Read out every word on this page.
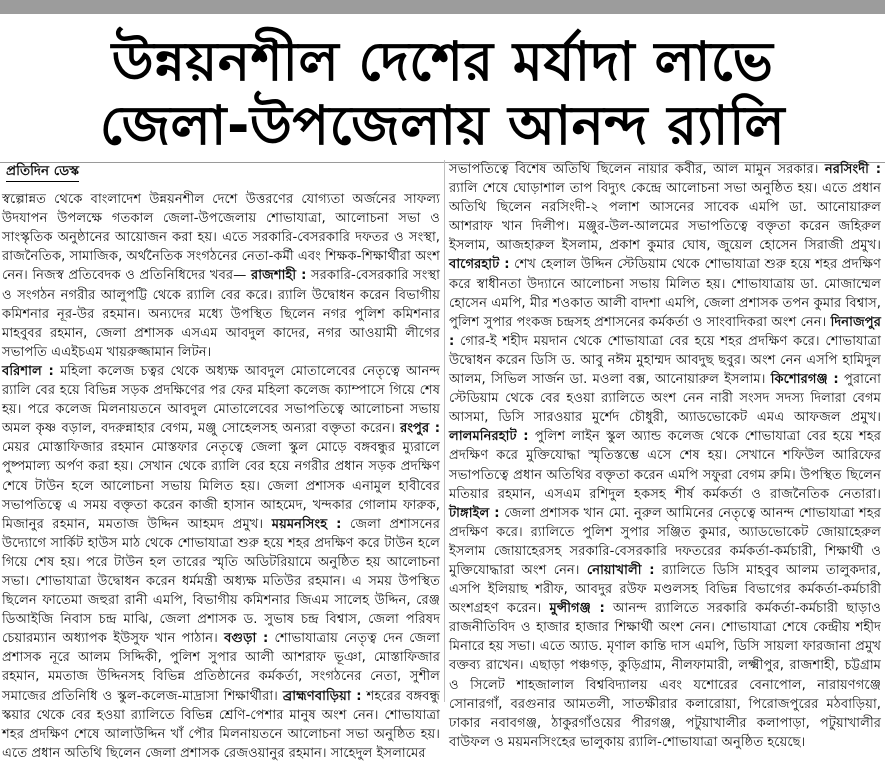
উন্নয়নশীল দেশের মর্যাদা লাভে
জেলা-উপজেলায় আনন্দ র‍্যালি
প্রতিদিন ডেস্ক

স্বল্পোন্নত থেকে বাংলাদেশ উন্নয়নশীল দেশে উত্তরণের যোগ্যতা অর্জনের সাফল্য উদযাপন উপলক্ষে গতকাল জেলা-উপজেলায় শোভাযাত্রা, আলোচনা সভা ও সাংস্কৃতিক অনুষ্ঠানের আয়োজন করা হয়। এতে সরকারি-বেসরকারি দফতর ও সংস্থা, রাজনৈতিক, সামাজিক, অর্থনৈতিক সংগঠনের নেতা-কর্মী এবং শিক্ষক-শিক্ষার্থীরা অংশ নেন। নিজস্ব প্রতিবেদক ও প্রতিনিধিদের খবর— রাজশাহী : সরকারি-বেসরকারি সংস্থা ও সংগঠন নগরীর আলুপট্টি থেকে র‍্যালি বের করে। র‍্যালি উদ্বোধন করেন বিভাগীয় কমিশনার নূর-উর রহমান। অন্যদের মধ্যে উপস্থিত ছিলেন নগর পুলিশ কমিশনার মাহবুবর রহমান, জেলা প্রশাসক এসএম আবদুল কাদের, নগর আওয়ামী লীগের সভাপতি এএইচএম খায়রুজ্জামান লিটন।

বরিশাল : মহিলা কলেজ চত্বর থেকে অধ্যক্ষ আবদুল মোতালেবের নেতৃত্বে আনন্দ র‍্যালি বের হয়ে বিভিন্ন সড়ক প্রদক্ষিণের পর ফের মহিলা কলেজ ক্যাম্পাসে গিয়ে শেষ হয়। পরে কলেজ মিলনায়তনে আবদুল মোতালেবের সভাপতিত্বে আলোচনা সভায় অমল কৃষ্ণ বড়াল, বদরুন্নাহার বেগম, মঞ্জু সোহেলসহ অন্যরা বক্তৃতা করেন। রংপুর : মেয়র মোস্তাফিজার রহমান মোস্তফার নেতৃত্বে জেলা স্কুল মোড়ে বঙ্গবন্ধুর ম্যুরালে পুষ্পমাল্য অর্পণ করা হয়। সেখান থেকে র‍্যালি বের হয়ে নগরীর প্রধান সড়ক প্রদক্ষিণ শেষে টাউন হলে আলোচনা সভায় মিলিত হয়। জেলা প্রশাসক এনামুল হাবীবের সভাপতিত্বে এ সময় বক্তৃতা করেন কাজী হাসান আহমেদ, খন্দকার গোলাম ফারুক, মিজানুর রহমান, মমতাজ উদ্দিন আহমদ প্রমুখ। ময়মনসিংহ : জেলা প্রশাসনের উদ্যোগে সার্কিট হাউস মাঠ থেকে শোভাযাত্রা শুরু হয়ে শহর প্রদক্ষিণ করে টাউন হলে গিয়ে শেষ হয়। পরে টাউন হল তারের স্মৃতি অডিটরিয়ামে অনুষ্ঠিত হয় আলোচনা সভা। শোভাযাত্রা উদ্বোধন করেন ধর্মমন্ত্রী অধ্যক্ষ মতিউর রহমান। এ সময় উপস্থিত ছিলেন ফাতেমা জহুরা রানী এমপি, বিভাগীয় কমিশনার জিএম সালেহ উদ্দিন, রেঞ্জ ডিআইজি নিবাস চন্দ্র মাঝি, জেলা প্রশাসক ড. সুভাষ চন্দ্র বিশ্বাস, জেলা পরিষদ চেয়ারম্যান অধ্যাপক ইউসুফ খান পাঠান। বগুড়া : শোভাযাত্রায় নেতৃত্ব দেন জেলা প্রশাসক নূরে আলম সিদ্দিকী, পুলিশ সুপার আলী আশরাফ ভূঞা, মোস্তাফিজার রহমান, মমতাজ উদ্দিনসহ বিভিন্ন প্রতিষ্ঠানের কর্মকর্তা, সংগঠনের নেতা, সুশীল সমাজের প্রতিনিধি ও স্কুল-কলেজ-মাদ্রাসা শিক্ষার্থীরা। ব্রাহ্মণবাড়িয়া : শহরের বঙ্গবন্ধু স্কয়ার থেকে বের হওয়া র‍্যালিতে বিভিন্ন শ্রেণি-পেশার মানুষ অংশ নেন। শোভাযাত্রা শহর প্রদক্ষিণ শেষে আলাউদ্দিন খাঁ পৌর মিলনায়তনে আলোচনা সভা অনুষ্ঠিত হয়। এতে প্রধান অতিথি ছিলেন জেলা প্রশাসক রেজওয়ানুর রহমান। সাহেদুল ইসলামের

সভাপতিত্বে বিশেষ অতিথি ছিলেন নায়ার কবীর, আল মামুন সরকার। নরসিংদী : র‍্যালি শেষে ঘোড়াশাল তাপ বিদ্যুৎ কেন্দ্রে আলোচনা সভা অনুষ্ঠিত হয়। এতে প্রধান অতিথি ছিলেন নরসিংদী-২ পলাশ আসনের সাবেক এমপি ডা. আনোয়ারুল আশরাফ খান দিলীপ। মঞ্জুর-উল-আলমের সভাপতিত্বে বক্তৃতা করেন জহিরুল ইসলাম, আজহারুল ইসলাম, প্রকাশ কুমার ঘোষ, জুয়েল হোসেন সিরাজী প্রমুখ। বাগেরহাট : শেখ হেলাল উদ্দিন স্টেডিয়াম থেকে শোভাযাত্রা শুরু হয়ে শহর প্রদক্ষিণ করে স্বাধীনতা উদ্যানে আলোচনা সভায় মিলিত হয়। শোভাযাত্রায় ডা. মোজাম্মেল হোসেন এমপি, মীর শওকাত আলী বাদশা এমপি, জেলা প্রশাসক তপন কুমার বিশ্বাস, পুলিশ সুপার পংকজ চন্দ্রসহ প্রশাসনের কর্মকর্তা ও সাংবাদিকরা অংশ নেন। দিনাজপুর : গোর-ই শহীদ ময়দান থেকে শোভাযাত্রা বের হয়ে শহর প্রদক্ষিণ করে। শোভাযাত্রা উদ্বোধন করেন ডিসি ড. আবু নঈম মুহাম্মদ আবদুছ ছবুর। অংশ নেন এসপি হামিদুল আলম, সিভিল সার্জন ডা. মওলা বক্স, আনোয়ারুল ইসলাম। কিশোরগঞ্জ : পুরানো স্টেডিয়াম থেকে বের হওয়া র‍্যালিতে অংশ নেন নারী সংসদ সদস্য দিলারা বেগম আসমা, ডিসি সারওয়ার মুর্শেদ চৌধুরী, অ্যাডভোকেট এমএ আফজল প্রমুখ। লালমনিরহাট : পুলিশ লাইন স্কুল অ্যান্ড কলেজ থেকে শোভাযাত্রা বের হয়ে শহর প্রদক্ষিণ করে মুক্তিযোদ্ধা স্মৃতিস্তম্ভে এসে শেষ হয়। সেখানে শফিউল আরিফের সভাপতিত্বে প্রধান অতিথির বক্তৃতা করেন এমপি সফুরা বেগম রুমি। উপস্থিত ছিলেন মতিয়ার রহমান, এসএম রশিদুল হকসহ শীর্ষ কর্মকর্তা ও রাজনৈতিক নেতারা। টাঙ্গাইল : জেলা প্রশাসক খান মো. নুরুল আমিনের নেতৃত্বে আনন্দ শোভাযাত্রা শহর প্রদক্ষিণ করে। র‍্যালিতে পুলিশ সুপার সঞ্জিত কুমার, অ্যাডভোকেট জোয়াহেরুল ইসলাম জোয়াহেরসহ সরকারি-বেসরকারি দফতরের কর্মকর্তা-কর্মচারী, শিক্ষার্থী ও মুক্তিযোদ্ধারা অংশ নেন। নোয়াখালী : র‍্যালিতে ডিসি মাহবুব আলম তালুকদার, এসপি ইলিয়াছ শরীফ, আবদুর রউফ মণ্ডলসহ বিভিন্ন বিভাগের কর্মকর্তা-কর্মচারী অংশগ্রহণ করেন। মুন্সীগঞ্জ : আনন্দ র‍্যালিতে সরকারি কর্মকর্তা-কর্মচারী ছাড়াও রাজনীতিবিদ ও হাজার হাজার শিক্ষার্থী অংশ নেন। শোভাযাত্রা শেষে কেন্দ্রীয় শহীদ মিনারে হয় সভা। এতে অ্যাড. মৃণাল কান্তি দাস এমপি, ডিসি সায়লা ফারজানা প্রমুখ বক্তব্য রাখেন। এছাড়া পঞ্চগড়, কুড়িগ্রাম, নীলফামারী, লক্ষ্মীপুর, রাজশাহী, চট্টগ্রাম ও সিলেট শাহজালাল বিশ্ববিদ্যালয় এবং যশোরের বেনাপোল, নারায়ণগঞ্জে সোনারগাঁ, বরগুনার আমতলী, সাতক্ষীরার কলারোয়া, পিরোজপুরের মঠবাড়িয়া, ঢাকার নবাবগঞ্জ, ঠাকুরগাঁওয়ের পীরগঞ্জ, পটুয়াখালীর কলাপাড়া, পটুয়াখালীর বাউফল ও ময়মনসিংহের ভালুকায় র‍্যালি-শোভাযাত্রা অনুষ্ঠিত হয়েছে।
